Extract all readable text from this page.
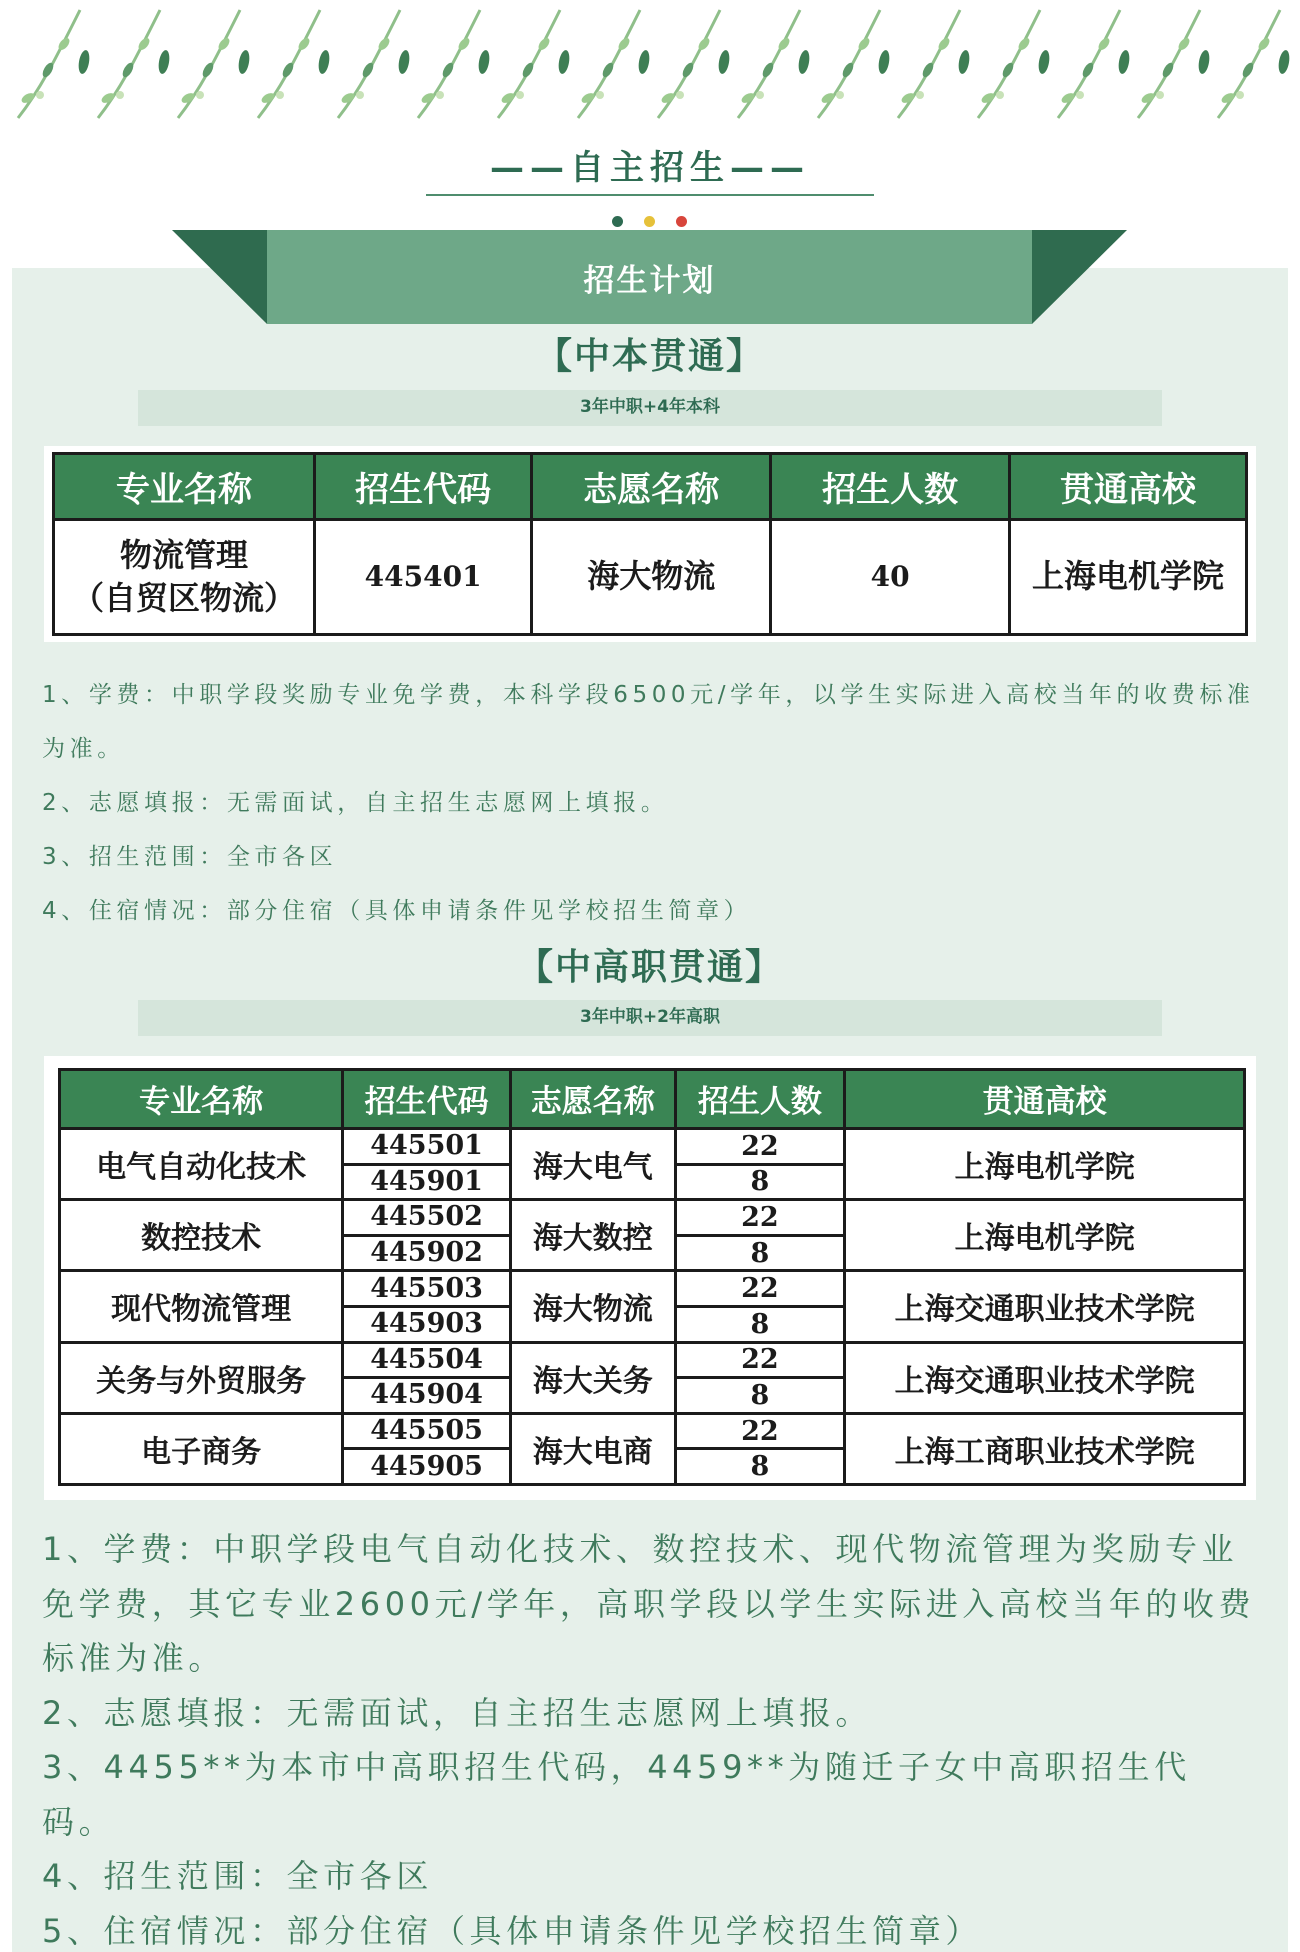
——自主招生——
招生计划
【中本贯通】
3年中职+4年本科
专业名称	招生代码	志愿名称	招生人数	贯通高校

物流管理
（自贸区物流）	445401	海大物流	40	上海电机学院

1、学费：中职学段奖励专业免学费，本科学段6500元/学年，以学生实际进入高校当年的收费标准为准。

2、志愿填报：无需面试，自主招生志愿网上填报。

3、招生范围：全市各区

4、住宿情况：部分住宿（具体申请条件见学校招生简章）

【中高职贯通】
3年中职+2年高职
专业名称	招生代码	志愿名称	招生人数	贯通高校
电气自动化技术	445501	海大电气	22	上海电机学院
	445901		8	
数控技术	445502	海大数控	22	上海电机学院
	445902		8	
现代物流管理	445503	海大物流	22	上海交通职业技术学院
	445903		8	
关务与外贸服务	445504	海大关务	22	上海交通职业技术学院
	445904		8	
电子商务	445505	海大电商	22	上海工商职业技术学院
	445905		8	

1、学费：中职学段电气自动化技术、数控技术、现代物流管理为奖励专业免学费，其它专业2600元/学年，高职学段以学生实际进入高校当年的收费标准为准。

2、志愿填报：无需面试，自主招生志愿网上填报。

3、4455**为本市中高职招生代码，4459**为随迁子女中高职招生代码。

4、招生范围：全市各区

5、住宿情况：部分住宿（具体申请条件见学校招生简章）
